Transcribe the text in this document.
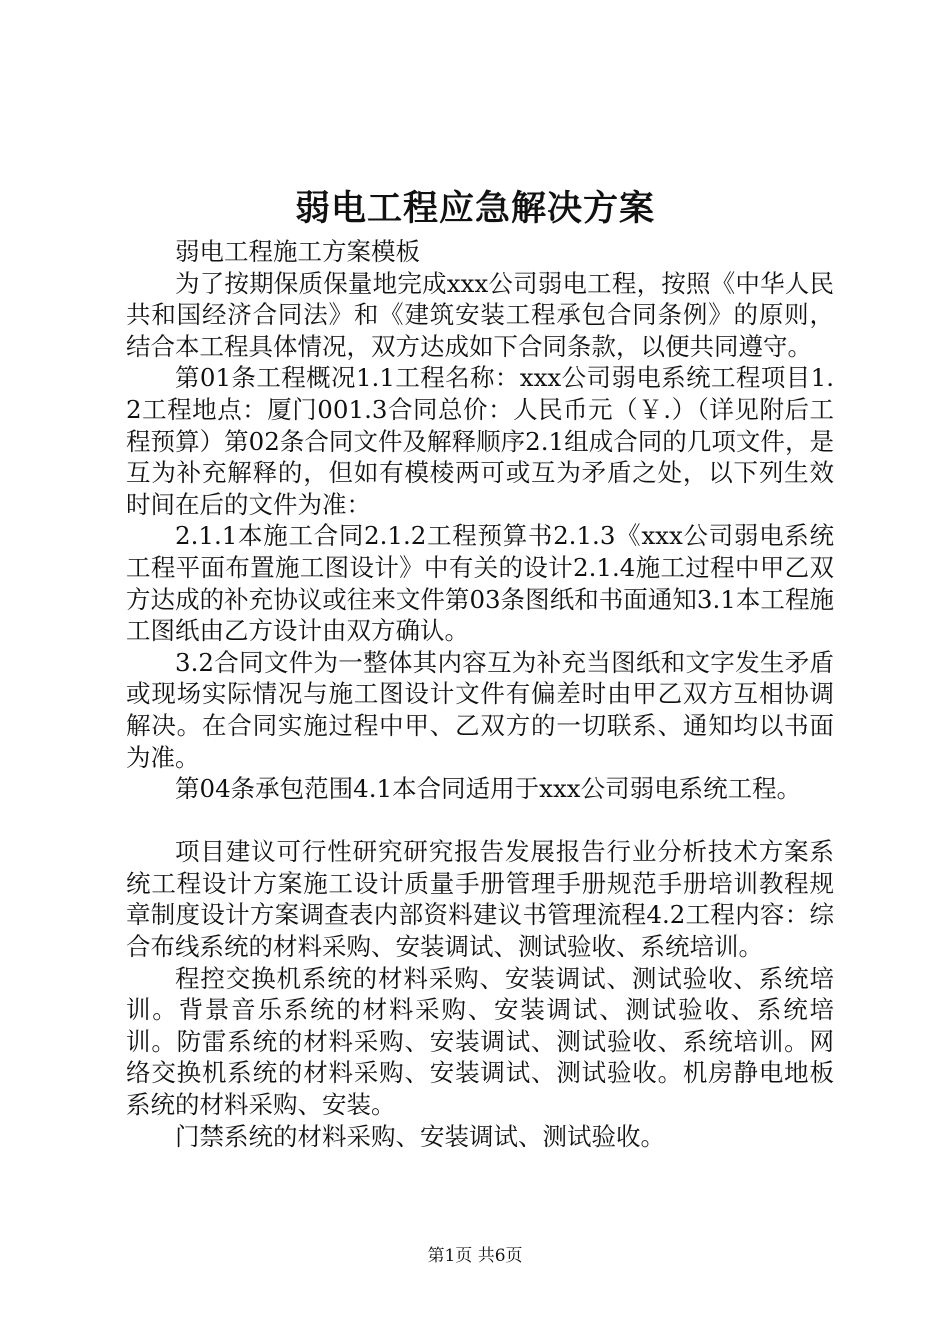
弱电工程应急解决方案

弱电工程施工方案模板

为了按期保质保量地完成xxx公司弱电工程，按照《中华人民共和国经济合同法》和《建筑安装工程承包合同条例》的原则，结合本工程具体情况，双方达成如下合同条款，以便共同遵守。

第01条工程概况1.1工程名称：xxx公司弱电系统工程项目1.2工程地点：厦门001.3合同总价：人民币元（￥.）（详见附后工程预算）第02条合同文件及解释顺序2.1组成合同的几项文件，是互为补充解释的，但如有模棱两可或互为矛盾之处，以下列生效时间在后的文件为准：

2.1.1本施工合同2.1.2工程预算书2.1.3《xxx公司弱电系统工程平面布置施工图设计》中有关的设计2.1.4施工过程中甲乙双方达成的补充协议或往来文件第03条图纸和书面通知3.1本工程施工图纸由乙方设计由双方确认。

3.2合同文件为一整体其内容互为补充当图纸和文字发生矛盾或现场实际情况与施工图设计文件有偏差时由甲乙双方互相协调解决。在合同实施过程中甲、乙双方的一切联系、通知均以书面为准。

第04条承包范围4.1本合同适用于xxx公司弱电系统工程。

项目建议可行性研究研究报告发展报告行业分析技术方案系统工程设计方案施工设计质量手册管理手册规范手册培训教程规章制度设计方案调查表内部资料建议书管理流程4.2工程内容：综合布线系统的材料采购、安装调试、测试验收、系统培训。

程控交换机系统的材料采购、安装调试、测试验收、系统培训。背景音乐系统的材料采购、安装调试、测试验收、系统培训。防雷系统的材料采购、安装调试、测试验收、系统培训。网络交换机系统的材料采购、安装调试、测试验收。机房静电地板系统的材料采购、安装。

门禁系统的材料采购、安装调试、测试验收。

第1页 共6页
